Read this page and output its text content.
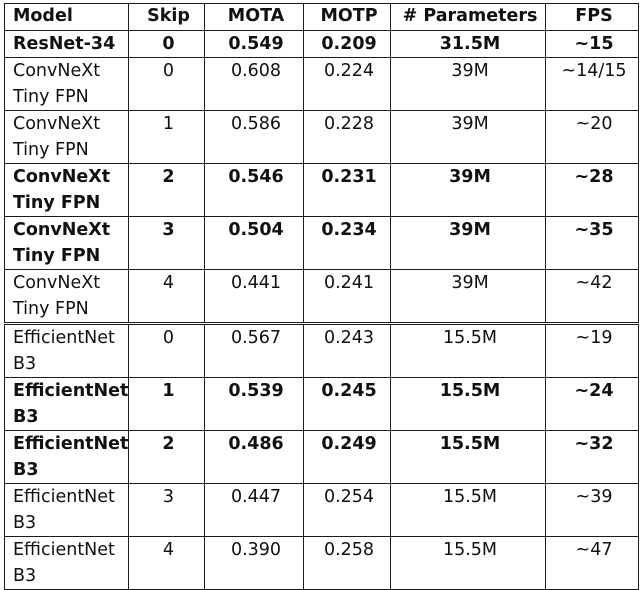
Model	Skip	MOTA	MOTP	# Parameters	FPS
ResNet-34	0	0.549	0.209	31.5M	~15
ConvNeXt Tiny FPN	0	0.608	0.224	39M	~14/15
ConvNeXt Tiny FPN	1	0.586	0.228	39M	~20
ConvNeXt Tiny FPN	2	0.546	0.231	39M	~28
ConvNeXt Tiny FPN	3	0.504	0.234	39M	~35
ConvNeXt Tiny FPN	4	0.441	0.241	39M	~42
EfficientNet B3	0	0.567	0.243	15.5M	~19
EfficientNet B3	1	0.539	0.245	15.5M	~24
EfficientNet B3	2	0.486	0.249	15.5M	~32
EfficientNet B3	3	0.447	0.254	15.5M	~39
EfficientNet B3	4	0.390	0.258	15.5M	~47
